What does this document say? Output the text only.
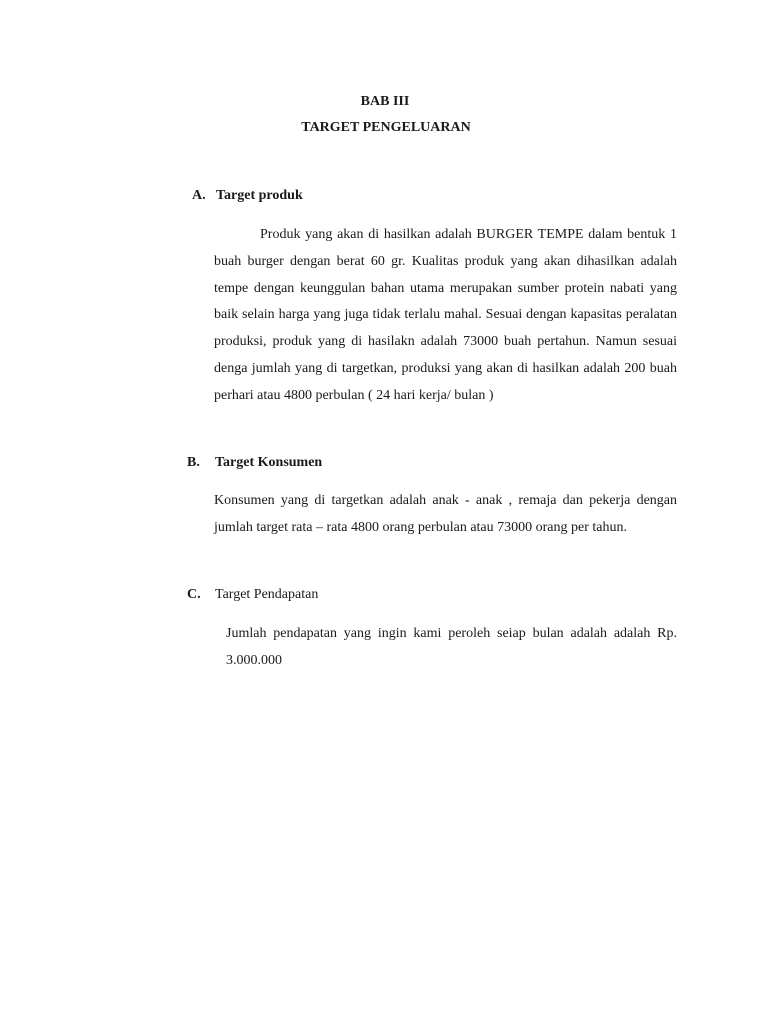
BAB III
TARGET PENGELUARAN
A. Target produk
Produk yang akan di hasilkan adalah BURGER TEMPE dalam bentuk 1 buah burger dengan berat 60 gr. Kualitas produk yang akan dihasilkan adalah tempe dengan keunggulan bahan utama merupakan sumber protein nabati yang baik selain harga yang juga tidak terlalu mahal. Sesuai dengan kapasitas peralatan produksi, produk yang di hasilakn adalah 73000 buah pertahun. Namun sesuai denga jumlah yang di targetkan, produksi yang akan di hasilkan adalah 200 buah perhari atau 4800 perbulan ( 24 hari kerja/ bulan )
B. Target Konsumen
Konsumen yang di targetkan adalah anak - anak , remaja dan pekerja dengan jumlah target rata – rata 4800 orang perbulan atau 73000 orang per tahun.
C. Target Pendapatan
Jumlah pendapatan yang ingin kami peroleh seiap bulan adalah adalah Rp. 3.000.000
